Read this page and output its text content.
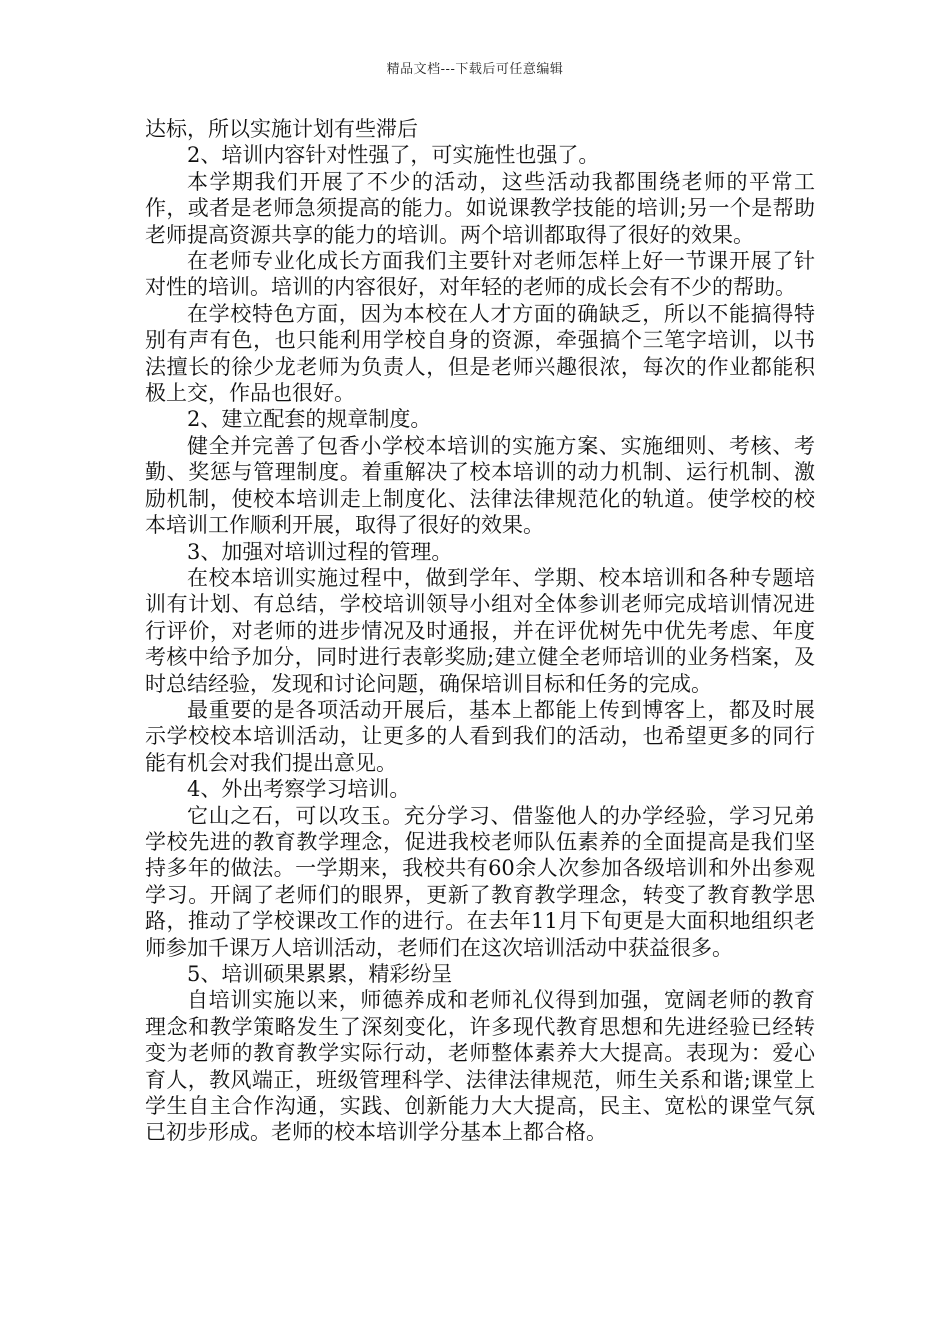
精品文档---下载后可任意编辑

达标，所以实施计划有些滞后

2、培训内容针对性强了，可实施性也强了。

本学期我们开展了不少的活动，这些活动我都围绕老师的平常工作，或者是老师急须提高的能力。如说课教学技能的培训;另一个是帮助老师提高资源共享的能力的培训。两个培训都取得了很好的效果。

在老师专业化成长方面我们主要针对老师怎样上好一节课开展了针对性的培训。培训的内容很好，对年轻的老师的成长会有不少的帮助。

在学校特色方面，因为本校在人才方面的确缺乏，所以不能搞得特别有声有色，也只能利用学校自身的资源，牵强搞个三笔字培训，以书法擅长的徐少龙老师为负责人，但是老师兴趣很浓，每次的作业都能积极上交，作品也很好。

2、建立配套的规章制度。

健全并完善了包香小学校本培训的实施方案、实施细则、考核、考勤、奖惩与管理制度。着重解决了校本培训的动力机制、运行机制、激励机制，使校本培训走上制度化、法律法律规范化的轨道。使学校的校本培训工作顺利开展，取得了很好的效果。

3、加强对培训过程的管理。

在校本培训实施过程中，做到学年、学期、校本培训和各种专题培训有计划、有总结，学校培训领导小组对全体参训老师完成培训情况进行评价，对老师的进步情况及时通报，并在评优树先中优先考虑、年度考核中给予加分，同时进行表彰奖励;建立健全老师培训的业务档案，及时总结经验，发现和讨论问题，确保培训目标和任务的完成。

最重要的是各项活动开展后，基本上都能上传到博客上，都及时展示学校校本培训活动，让更多的人看到我们的活动，也希望更多的同行能有机会对我们提出意见。

4、外出考察学习培训。

它山之石，可以攻玉。充分学习、借鉴他人的办学经验，学习兄弟学校先进的教育教学理念，促进我校老师队伍素养的全面提高是我们坚持多年的做法。一学期来，我校共有60余人次参加各级培训和外出参观学习。开阔了老师们的眼界，更新了教育教学理念，转变了教育教学思路，推动了学校课改工作的进行。在去年11月下旬更是大面积地组织老师参加千课万人培训活动，老师们在这次培训活动中获益很多。

5、培训硕果累累，精彩纷呈

自培训实施以来，师德养成和老师礼仪得到加强，宽阔老师的教育理念和教学策略发生了深刻变化，许多现代教育思想和先进经验已经转变为老师的教育教学实际行动，老师整体素养大大提高。表现为：爱心育人，教风端正，班级管理科学、法律法律规范，师生关系和谐;课堂上学生自主合作沟通，实践、创新能力大大提高，民主、宽松的课堂气氛已初步形成。老师的校本培训学分基本上都合格。
